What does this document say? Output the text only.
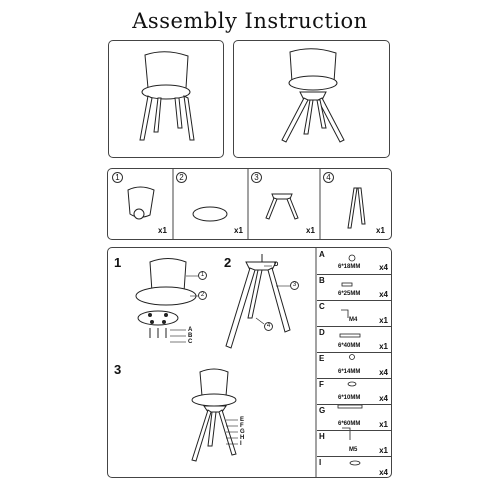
Assembly Instruction
1
x1
2
x1
3
x1
4
x1
1	2
3
1
2
3
4
A
B
C
D
E
F
G
H
I
A
6*18MM x4
B
6*25MM x4
C
M4	x1
D
6*40MM x1
E
6*14MM x4
F
6*10MM x4
G
6*60MM x1
H
M5	x1
I
x4
